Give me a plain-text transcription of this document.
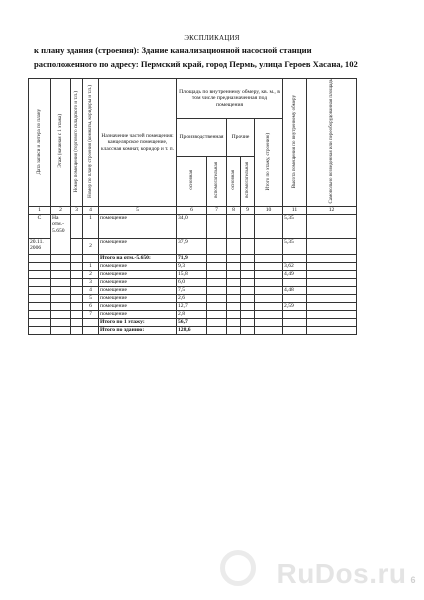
ЭКСПЛИКАЦИЯ
к плану здания (строения): Здание канализационной насосной станции
расположенного по адресу: Пермский край, город Пермь, улица Героев Хасана, 102
Дата записи и литера по плану	Этаж (начиная с 1 этажа)	Номер помещения (торгового складского и т.п.)	Номер по плану строения (комнаты, коридоры и т.п.)	Назначение частей помещения: канцелярское помещение, классная комнат, коридор и т. п.	Площадь по внутреннему обмеру, кв. м., в том числе предназначенная под помещения					Высота помещения по внутреннему обмеру	Самовольно возведенная или переоборудованная площадь
					Производственная		Прочие		Итого по этажу, строению)		
					основная	вспомогательная	основная	вспомогательная			
1	2	3	4	5	6	7	8	9	10	11	12
С	На отм.- 5.650		1	помещение	34,0					5,35	
20.11. 2006			2	помещение	37,9					5,35	
				Итого на отм.-5.650:	71,9						
			1	помещение	9,3					3,62	
			2	помещение	15,8					4,49	
			3	помещение	6,0						
			4	помещение	7,5					4,48	
			5	помещение	2,6						
			6	помещение	12,7					2,59	
			7	помещение	2,8						
				Итого по 1 этажу:	56,7						
				Итого по зданию:	128,6						
RuDos.ru 6
